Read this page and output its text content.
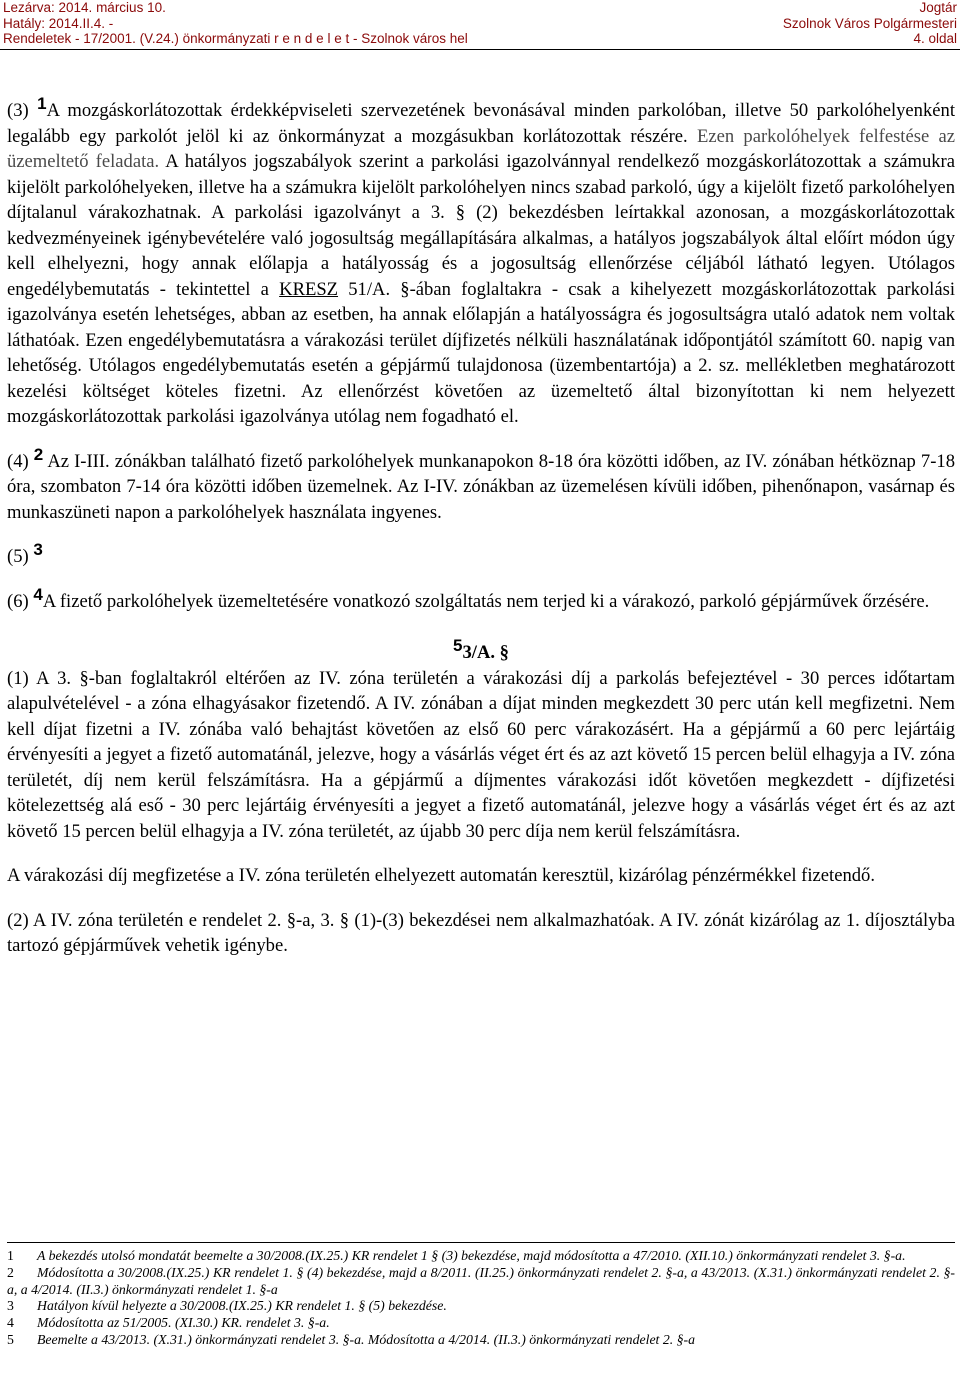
Lezárva: 2014. március 10.
Hatály: 2014.II.4. -
Rendeletek - 17/2001. (V.24.) önkormányzati r e n d e l e t - Szolnok város hel
Jogtár
Szolnok Város Polgármesteri
4. oldal

(3) 1A mozgáskorlátozottak érdekképviseleti szervezetének bevonásával minden parkolóban, illetve 50 parkolóhelyenként legalább egy parkolót jelöl ki az önkormányzat a mozgásukban korlátozottak részére. Ezen parkolóhelyek felfestése az üzemeltető feladata. A hatályos jogszabályok szerint a parkolási igazolvánnyal rendelkező mozgáskorlátozottak a számukra kijelölt parkolóhelyeken, illetve ha a számukra kijelölt parkolóhelyen nincs szabad parkoló, úgy a kijelölt fizető parkolóhelyen díjtalanul várakozhatnak. A parkolási igazolványt a 3. § (2) bekezdésben leírtakkal azonosan, a mozgáskorlátozottak kedvezményeinek igénybevételére való jogosultság megállapítására alkalmas, a hatályos jogszabályok által előírt módon úgy kell elhelyezni, hogy annak előlapja a hatályosság és a jogosultság ellenőrzése céljából látható legyen. Utólagos engedélybemutatás - tekintettel a KRESZ 51/A. §-ában foglaltakra - csak a kihelyezett mozgáskorlátozottak parkolási igazolványa esetén lehetséges, abban az esetben, ha annak előlapján a hatályosságra és jogosultságra utaló adatok nem voltak láthatóak. Ezen engedélybemutatásra a várakozási terület díjfizetés nélküli használatának időpontjától számított 60. napig van lehetőség. Utólagos engedélybemutatás esetén a gépjármű tulajdonosa (üzembentartója) a 2. sz. mellékletben meghatározott kezelési költséget köteles fizetni. Az ellenőrzést követően az üzemeltető által bizonyítottan ki nem helyezett mozgáskorlátozottak parkolási igazolványa utólag nem fogadható el.

(4) 2 Az I-III. zónákban található fizető parkolóhelyek munkanapokon 8-18 óra közötti időben, az IV. zónában hétköznap 7-18 óra, szombaton 7-14 óra közötti időben üzemelnek. Az I-IV. zónákban az üzemelésen kívüli időben, pihenőnapon, vasárnap és munkaszüneti napon a parkolóhelyek használata ingyenes.

(5) 3

(6) 4A fizető parkolóhelyek üzemeltetésére vonatkozó szolgáltatás nem terjed ki a várakozó, parkoló gépjárművek őrzésére.

53/A. §

(1) A 3. §-ban foglaltakról eltérően az IV. zóna területén a várakozási díj a parkolás befejeztével - 30 perces időtartam alapulvételével - a zóna elhagyásakor fizetendő. A IV. zónában a díjat minden megkezdett 30 perc után kell megfizetni. Nem kell díjat fizetni a IV. zónába való behajtást követően az első 60 perc várakozásért. Ha a gépjármű a 60 perc lejártáig érvényesíti a jegyet a fizető automatánál, jelezve, hogy a vásárlás véget ért és az azt követő 15 percen belül elhagyja a IV. zóna területét, díj nem kerül felszámításra. Ha a gépjármű a díjmentes várakozási időt követően megkezdett - díjfizetési kötelezettség alá eső - 30 perc lejártáig érvényesíti a jegyet a fizető automatánál, jelezve hogy a vásárlás véget ért és az azt követő 15 percen belül elhagyja a IV. zóna területét, az újabb 30 perc díja nem kerül felszámításra.

A várakozási díj megfizetése a IV. zóna területén elhelyezett automatán keresztül, kizárólag pénzérmékkel fizetendő.

(2) A IV. zóna területén e rendelet 2. §-a, 3. § (1)-(3) bekezdései nem alkalmazhatóak. A IV. zónát kizárólag az 1. díjosztályba tartozó gépjárművek vehetik igénybe.

1 A bekezdés utolsó mondatát beemelte a 30/2008.(IX.25.) KR rendelet 1 § (3) bekezdése, majd módosította a 47/2010. (XII.10.) önkormányzati rendelet 3. §-a.

2 Módosította a 30/2008.(IX.25.) KR rendelet 1. § (4) bekezdése, majd a 8/2011. (II.25.) önkormányzati rendelet 2. §-a, a 43/2013. (X.31.) önkormányzati rendelet 2. §-a, a 4/2014. (II.3.) önkormányzati rendelet 1. §-a

3 Hatályon kívül helyezte a 30/2008.(IX.25.) KR rendelet 1. § (5) bekezdése.

4 Módosította az 51/2005. (XI.30.) KR. rendelet 3. §-a.

5 Beemelte a 43/2013. (X.31.) önkormányzati rendelet 3. §-a. Módosította a 4/2014. (II.3.) önkormányzati rendelet 2. §-a
